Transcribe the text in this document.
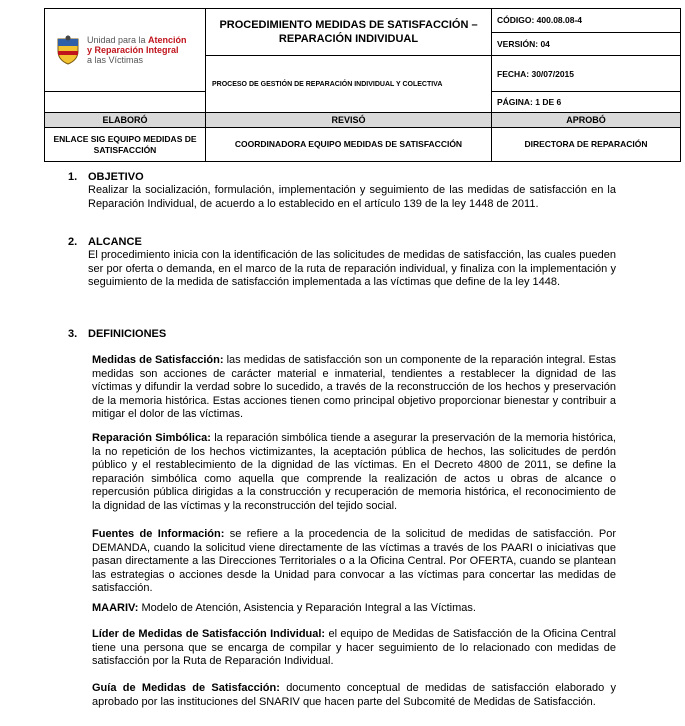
Unidad para la Atención
y Reparación Integral
a las Víctimas	PROCEDIMIENTO MEDIDAS DE SATISFACCIÓN – REPARACIÓN INDIVIDUAL	CÓDIGO: 400.08.08-4
		VERSIÓN: 04
	PROCESO DE GESTIÓN DE REPARACIÓN INDIVIDUAL Y COLECTIVA	FECHA: 30/07/2015
		PÁGINA: 1 DE 6
ELABORÓ	REVISÓ	APROBÓ
ENLACE SIG EQUIPO MEDIDAS DE SATISFACCIÓN	COORDINADORA EQUIPO MEDIDAS DE SATISFACCIÓN	DIRECTORA DE REPARACIÓN
1. OBJETIVO
Realizar la socialización, formulación, implementación y seguimiento de las medidas de satisfacción en la Reparación Individual, de acuerdo a lo establecido en el artículo 139 de la ley 1448 de 2011.
2. ALCANCE
El procedimiento inicia con la identificación de las solicitudes de medidas de satisfacción, las cuales pueden ser por oferta o demanda, en el marco de la ruta de reparación individual, y finaliza con la implementación y seguimiento de la medida de satisfacción implementada a las víctimas que define de la ley 1448.
3. DEFINICIONES
Medidas de Satisfacción: las medidas de satisfacción son un componente de la reparación integral. Estas medidas son acciones de carácter material e inmaterial, tendientes a restablecer la dignidad de las víctimas y difundir la verdad sobre lo sucedido, a través de la reconstrucción de los hechos y preservación de la memoria histórica. Estas acciones tienen como principal objetivo proporcionar bienestar y contribuir a mitigar el dolor de las víctimas.
Reparación Simbólica: la reparación simbólica tiende a asegurar la preservación de la memoria histórica, la no repetición de los hechos victimizantes, la aceptación pública de hechos, las solicitudes de perdón público y el restablecimiento de la dignidad de las víctimas. En el Decreto 4800 de 2011, se define la reparación simbólica como aquella que comprende la realización de actos u obras de alcance o repercusión pública dirigidas a la construcción y recuperación de memoria histórica, el reconocimiento de la dignidad de las víctimas y la reconstrucción del tejido social.
Fuentes de Información: se refiere a la procedencia de la solicitud de medidas de satisfacción. Por DEMANDA, cuando la solicitud viene directamente de las víctimas a través de los PAARI o iniciativas que pasan directamente a las Direcciones Territoriales o a la Oficina Central. Por OFERTA, cuando se plantean las estrategias o acciones desde la Unidad para convocar a las víctimas para concertar las medidas de satisfacción.
MAARIV: Modelo de Atención, Asistencia y Reparación Integral a las Víctimas.
Líder de Medidas de Satisfacción Individual: el equipo de Medidas de Satisfacción de la Oficina Central tiene una persona que se encarga de compilar y hacer seguimiento de lo relacionado con medidas de satisfacción por la Ruta de Reparación Individual.
Guía de Medidas de Satisfacción: documento conceptual de medidas de satisfacción elaborado y aprobado por las instituciones del SNARIV que hacen parte del Subcomité de Medidas de Satisfacción.
